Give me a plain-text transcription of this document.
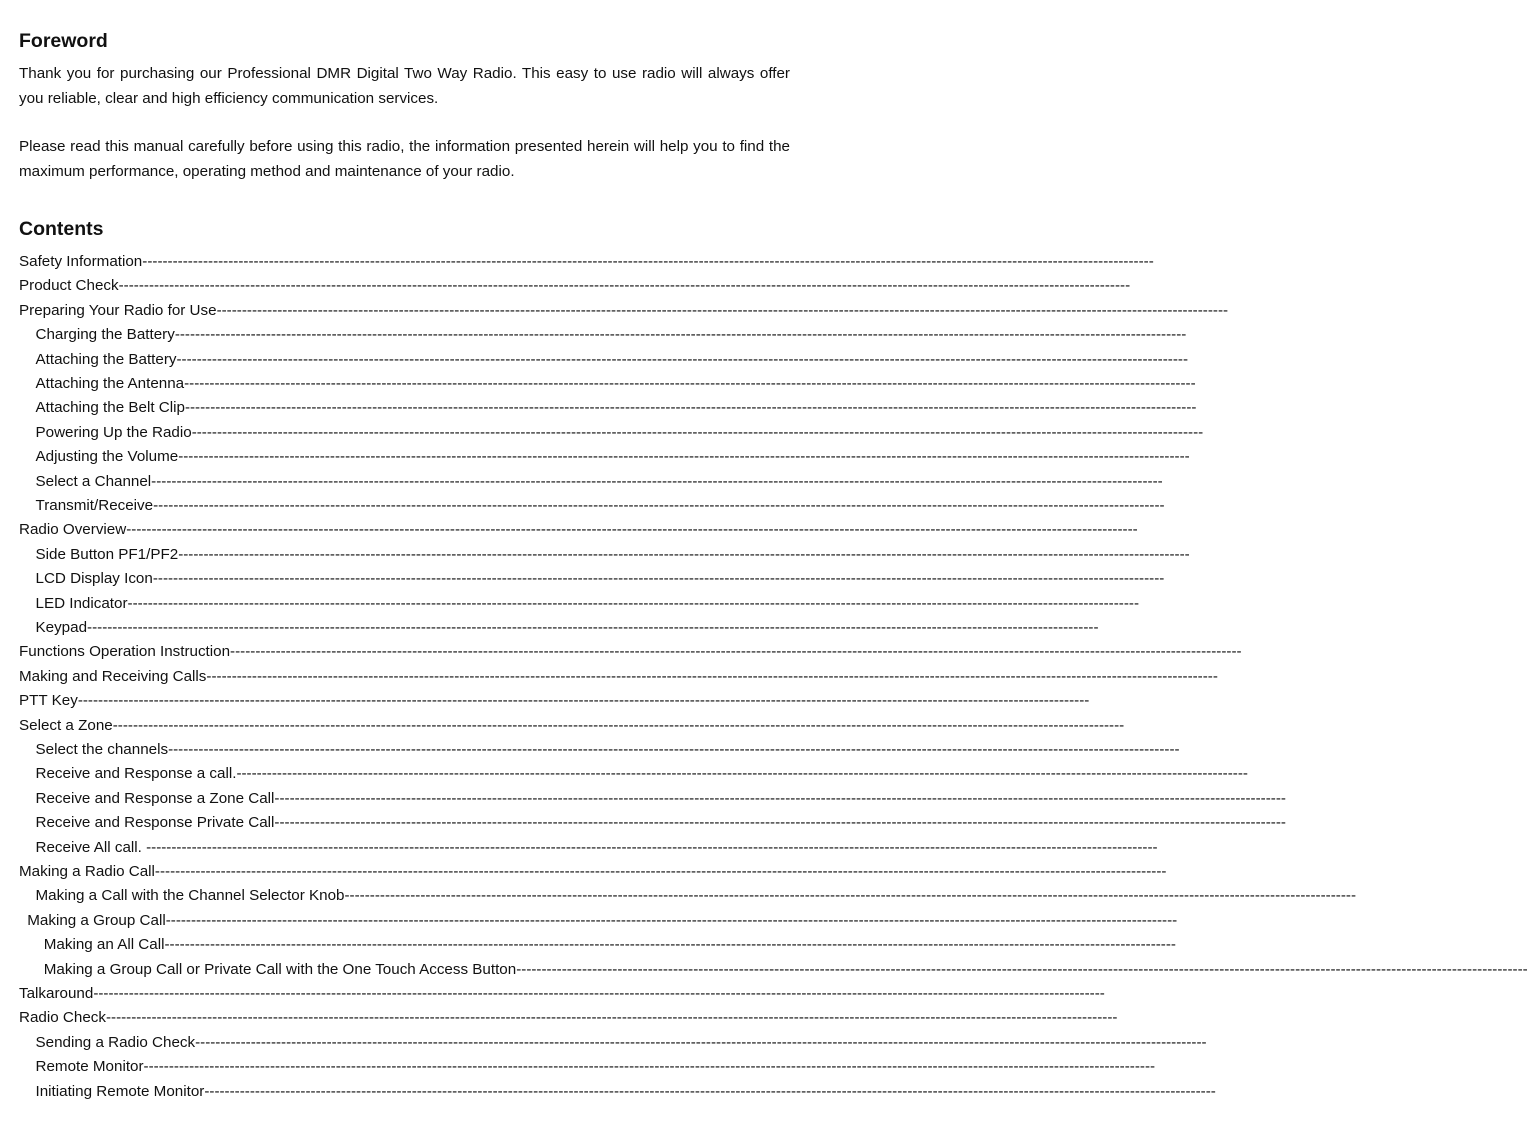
Foreword

Thank you for purchasing our Professional DMR Digital Two Way Radio. This easy to use radio will always offer you reliable, clear and high efficiency communication services.

Please read this manual carefully before using this radio, the information presented herein will help you to find the maximum performance, operating method and maintenance of your radio.

Contents
Safety Information--------------------------------------------------------------------------------------------------------------------------------------------------------------------------------------------------------
Product Check--------------------------------------------------------------------------------------------------------------------------------------------------------------------------------------------------------
Preparing Your Radio for Use--------------------------------------------------------------------------------------------------------------------------------------------------------------------------------------------------------
Charging the Battery--------------------------------------------------------------------------------------------------------------------------------------------------------------------------------------------------------
Attaching the Battery--------------------------------------------------------------------------------------------------------------------------------------------------------------------------------------------------------
Attaching the Antenna--------------------------------------------------------------------------------------------------------------------------------------------------------------------------------------------------------
Attaching the Belt Clip--------------------------------------------------------------------------------------------------------------------------------------------------------------------------------------------------------
Powering Up the Radio--------------------------------------------------------------------------------------------------------------------------------------------------------------------------------------------------------
Adjusting the Volume--------------------------------------------------------------------------------------------------------------------------------------------------------------------------------------------------------
Select a Channel--------------------------------------------------------------------------------------------------------------------------------------------------------------------------------------------------------
Transmit/Receive--------------------------------------------------------------------------------------------------------------------------------------------------------------------------------------------------------
Radio Overview--------------------------------------------------------------------------------------------------------------------------------------------------------------------------------------------------------
Side Button PF1/PF2--------------------------------------------------------------------------------------------------------------------------------------------------------------------------------------------------------
LCD Display Icon--------------------------------------------------------------------------------------------------------------------------------------------------------------------------------------------------------
LED Indicator--------------------------------------------------------------------------------------------------------------------------------------------------------------------------------------------------------
Keypad--------------------------------------------------------------------------------------------------------------------------------------------------------------------------------------------------------
Functions Operation Instruction--------------------------------------------------------------------------------------------------------------------------------------------------------------------------------------------------------
Making and Receiving Calls--------------------------------------------------------------------------------------------------------------------------------------------------------------------------------------------------------
PTT Key--------------------------------------------------------------------------------------------------------------------------------------------------------------------------------------------------------
Select a Zone--------------------------------------------------------------------------------------------------------------------------------------------------------------------------------------------------------
Select the channels--------------------------------------------------------------------------------------------------------------------------------------------------------------------------------------------------------
Receive and Response a call.--------------------------------------------------------------------------------------------------------------------------------------------------------------------------------------------------------
Receive and Response a Zone Call--------------------------------------------------------------------------------------------------------------------------------------------------------------------------------------------------------
Receive and Response Private Call--------------------------------------------------------------------------------------------------------------------------------------------------------------------------------------------------------
Receive All call. --------------------------------------------------------------------------------------------------------------------------------------------------------------------------------------------------------
Making a Radio Call--------------------------------------------------------------------------------------------------------------------------------------------------------------------------------------------------------
Making a Call with the Channel Selector Knob--------------------------------------------------------------------------------------------------------------------------------------------------------------------------------------------------------
Making a Group Call--------------------------------------------------------------------------------------------------------------------------------------------------------------------------------------------------------
Making an All Call--------------------------------------------------------------------------------------------------------------------------------------------------------------------------------------------------------
Making a Group Call or Private Call with the One Touch Access Button--------------------------------------------------------------------------------------------------------------------------------------------------------------------------------------------------------
Talkaround--------------------------------------------------------------------------------------------------------------------------------------------------------------------------------------------------------
Radio Check--------------------------------------------------------------------------------------------------------------------------------------------------------------------------------------------------------
Sending a Radio Check--------------------------------------------------------------------------------------------------------------------------------------------------------------------------------------------------------
Remote Monitor--------------------------------------------------------------------------------------------------------------------------------------------------------------------------------------------------------
Initiating Remote Monitor--------------------------------------------------------------------------------------------------------------------------------------------------------------------------------------------------------
